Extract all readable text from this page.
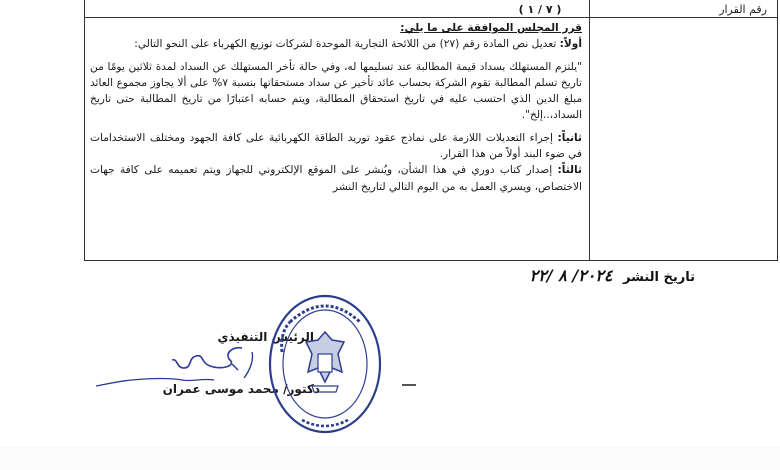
رقم القرار
( ٧ / ١ )

قرر المجلس الموافقة على ما يلي:

أولاً: تعديل نص المادة رقم (٢٧) من اللائحة التجارية الموحدة لشركات توزيع الكهرباء على النحو التالي:

"يلتزم المستهلك بسداد قيمة المطالبة عند تسليمها له، وفي حالة تأخر المستهلك عن السداد لمدة ثلاثين يومًا من تاريخ تسلم المطالبة تقوم الشركة بحساب عائد تأخير عن سداد مستحقاتها بنسبة ٧% على ألا يجاوز مجموع العائد مبلغ الدين الذي احتسب عليه في تاريخ استحقاق المطالبة، ويتم حسابه اعتبارًا من تاريخ المطالبة حتى تاريخ السداد،..إلخ".

ثانياً: إجراء التعديلات اللازمة على نماذج عقود توريد الطاقة الكهربائية على كافة الجهود ومختلف الاستخدامات في ضوء البند أولاً من هذا القرار.

ثالثاً: إصدار كتاب دوري في هذا الشأن، ويُنشر على الموقع الإلكتروني للجهاز ويتم تعميمه على كافة جهات الاختصاص، ويسري العمل به من اليوم التالي لتاريخ النشر

تاريخ النشر ٢٠٢٤/ ٨ /٢٢
الرئيس التنفيذي
دكتور/ محمد موسى عمران
